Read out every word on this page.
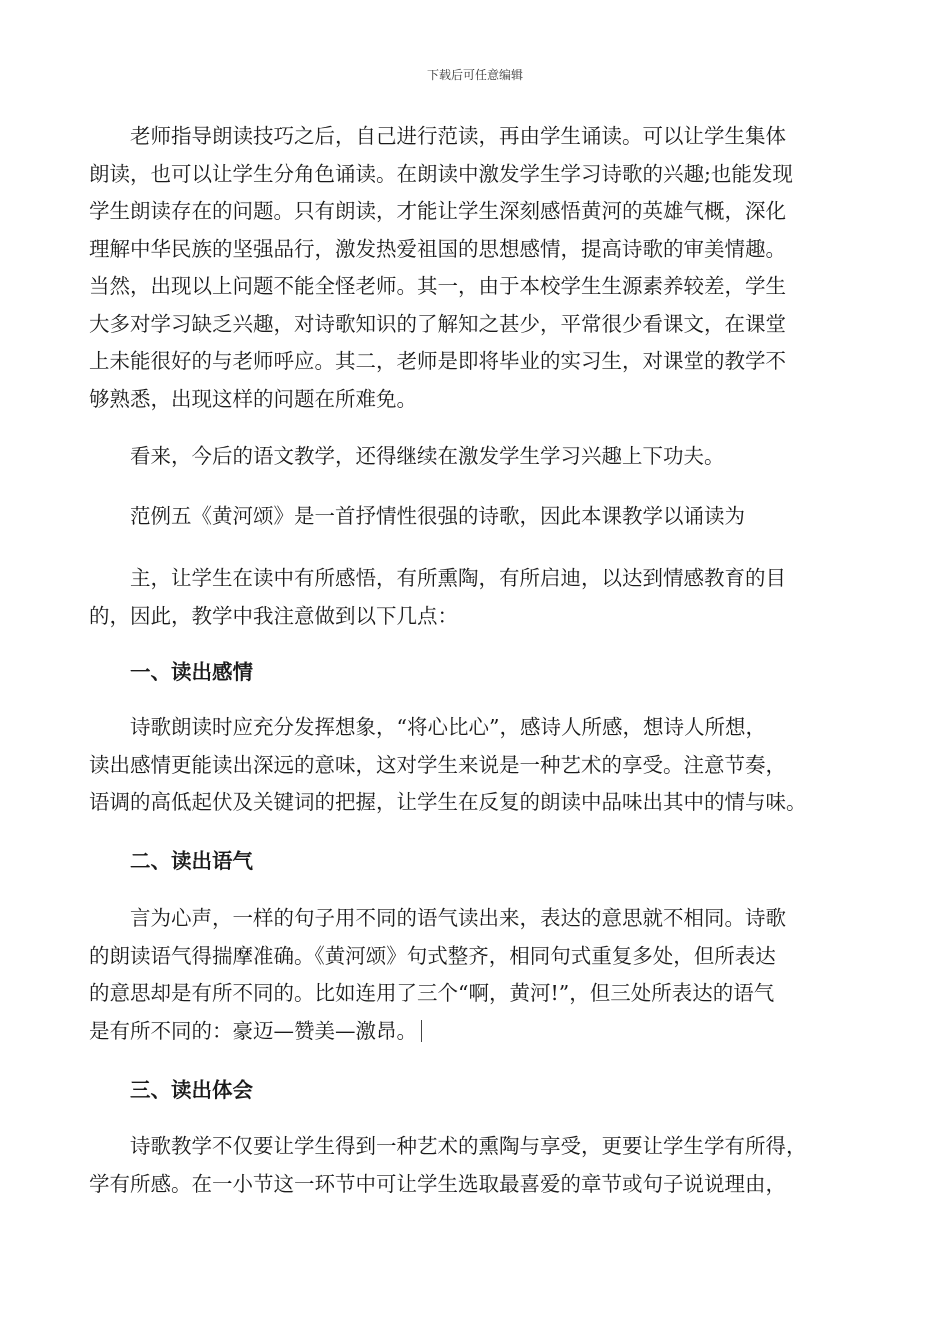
下载后可任意编辑
老师指导朗读技巧之后，自己进行范读，再由学生诵读。可以让学生集体
朗读，也可以让学生分角色诵读。在朗读中激发学生学习诗歌的兴趣;也能发现
学生朗读存在的问题。只有朗读，才能让学生深刻感悟黄河的英雄气概，深化
理解中华民族的坚强品行，激发热爱祖国的思想感情，提高诗歌的审美情趣。
当然，出现以上问题不能全怪老师。其一，由于本校学生生源素养较差，学生
大多对学习缺乏兴趣，对诗歌知识的了解知之甚少，平常很少看课文，在课堂
上未能很好的与老师呼应。其二，老师是即将毕业的实习生，对课堂的教学不
够熟悉，出现这样的问题在所难免。
看来，今后的语文教学，还得继续在激发学生学习兴趣上下功夫。
范例五《黄河颂》是一首抒情性很强的诗歌，因此本课教学以诵读为
主，让学生在读中有所感悟，有所熏陶，有所启迪，以达到情感教育的目
的，因此，教学中我注意做到以下几点：
一、读出感情
诗歌朗读时应充分发挥想象，“将心比心”，感诗人所感，想诗人所想，
读出感情更能读出深远的意味，这对学生来说是一种艺术的享受。注意节奏，
语调的高低起伏及关键词的把握，让学生在反复的朗读中品味出其中的情与味。
二、读出语气
言为心声，一样的句子用不同的语气读出来，表达的意思就不相同。诗歌
的朗读语气得揣摩准确。《黄河颂》句式整齐，相同句式重复多处，但所表达
的意思却是有所不同的。比如连用了三个“啊，黄河!”，但三处所表达的语气
是有所不同的：豪迈—赞美—激昂。
三、读出体会
诗歌教学不仅要让学生得到一种艺术的熏陶与享受，更要让学生学有所得，
学有所感。在一小节这一环节中可让学生选取最喜爱的章节或句子说说理由，
